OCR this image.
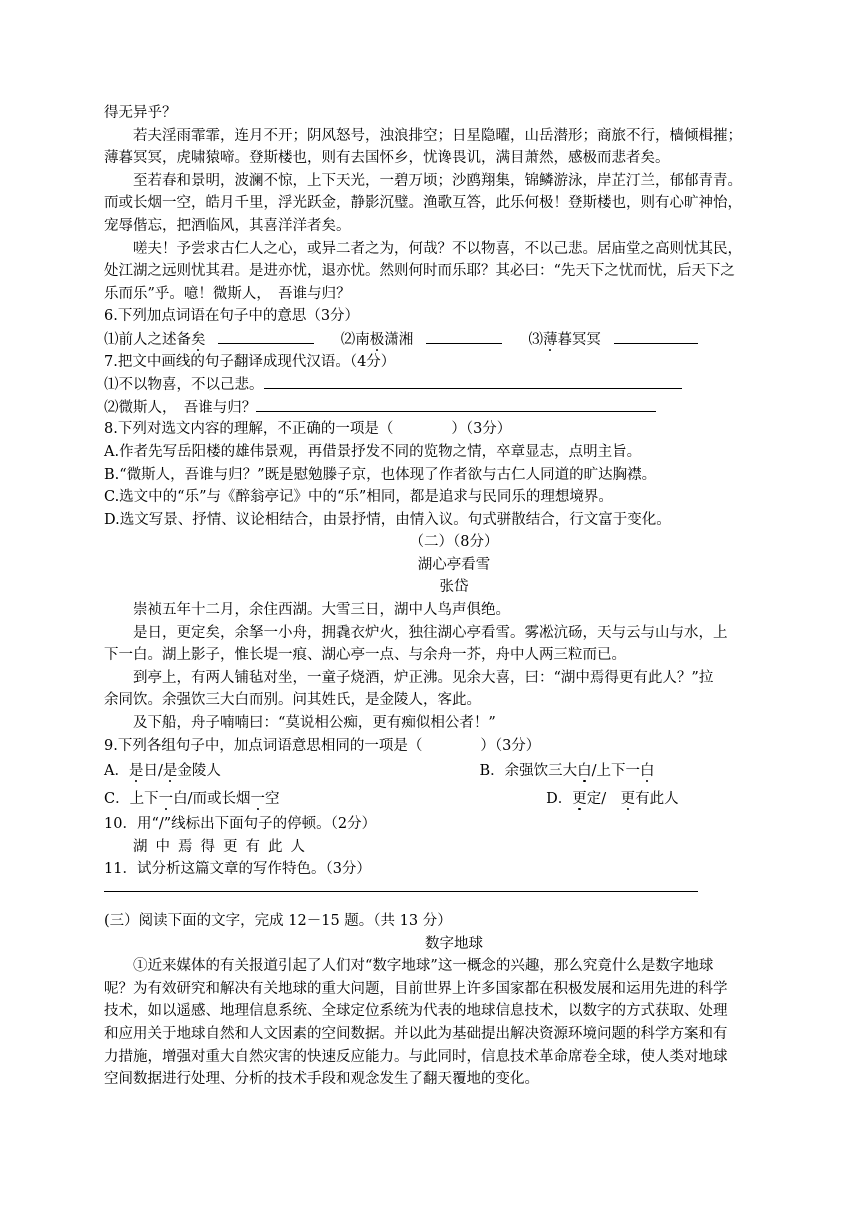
得无异乎？
若夫淫雨霏霏，连月不开；阴风怒号，浊浪排空；日星隐曜，山岳潜形；商旅不行，樯倾楫摧；
薄暮冥冥，虎啸猿啼。登斯楼也，则有去国怀乡，忧谗畏讥，满目萧然，感极而悲者矣。
至若春和景明，波澜不惊，上下天光，一碧万顷；沙鸥翔集，锦鳞游泳，岸芷汀兰，郁郁青青。
而或长烟一空，皓月千里，浮光跃金，静影沉璧。渔歌互答，此乐何极！登斯楼也，则有心旷神怡，
宠辱偕忘，把酒临风，其喜洋洋者矣。
嗟夫！予尝求古仁人之心，或异二者之为，何哉？不以物喜，不以己悲。居庙堂之高则忧其民，
处江湖之远则忧其君。是进亦忧，退亦忧。然则何时而乐耶？其必曰：“先天下之忧而忧，后天下之
乐而乐”乎。噫！微斯人，　吾谁与归？
6.下列加点词语在句子中的意思（3分）
⑴前人之述备矣	⑵南极潇湘	⑶薄暮冥冥
7.把文中画线的句子翻译成现代汉语。（4分）
⑴不以物喜，不以己悲。
⑵微斯人，　吾谁与归？
8.下列对选文内容的理解，不正确的一项是（　　　　）（3分）
A.作者先写岳阳楼的雄伟景观，再借景抒发不同的览物之情，卒章显志，点明主旨。
B.“微斯人，吾谁与归？”既是慰勉滕子京，也体现了作者欲与古仁人同道的旷达胸襟。
C.选文中的“乐”与《醉翁亭记》中的“乐”相同，都是追求与民同乐的理想境界。
D.选文写景、抒情、议论相结合，由景抒情，由情入议。句式骈散结合，行文富于变化。
（二）（8分）
湖心亭看雪
张岱
崇祯五年十二月，余住西湖。大雪三日，湖中人鸟声俱绝。
是日，更定矣，余拏一小舟，拥毳衣炉火，独往湖心亭看雪。雾凇沆砀，天与云与山与水，上
下一白。湖上影子，惟长堤一痕、湖心亭一点、与余舟一芥，舟中人两三粒而已。
到亭上，有两人铺毡对坐，一童子烧酒，炉正沸。见余大喜，曰：“湖中焉得更有此人？”拉
余同饮。余强饮三大白而别。问其姓氏，是金陵人，客此。
及下船，舟子喃喃曰：“莫说相公痴，更有痴似相公者！”
9.下列各组句子中，加点词语意思相同的一项是（　　　　）（3分）
A．是日/是金陵人	B．余强饮三大白/上下一白
C．上下一白/而或长烟一空	D．更定/　更有此人
10．用“/”线标出下面句子的停顿。（2分）
湖中焉得更有此人
11．试分析这篇文章的写作特色。（3分）
(三）阅读下面的文字，完成 12－15 题。（共 13 分）
数字地球
①近来媒体的有关报道引起了人们对“数字地球”这一概念的兴趣，那么究竟什么是数字地球
呢？为有效研究和解决有关地球的重大问题，目前世界上许多国家都在积极发展和运用先进的科学
技术，如以遥感、地理信息系统、全球定位系统为代表的地球信息技术，以数字的方式获取、处理
和应用关于地球自然和人文因素的空间数据。并以此为基础提出解决资源环境问题的科学方案和有
力措施，增强对重大自然灾害的快速反应能力。与此同时，信息技术革命席卷全球，使人类对地球
空间数据进行处理、分析的技术手段和观念发生了翻天覆地的变化。
